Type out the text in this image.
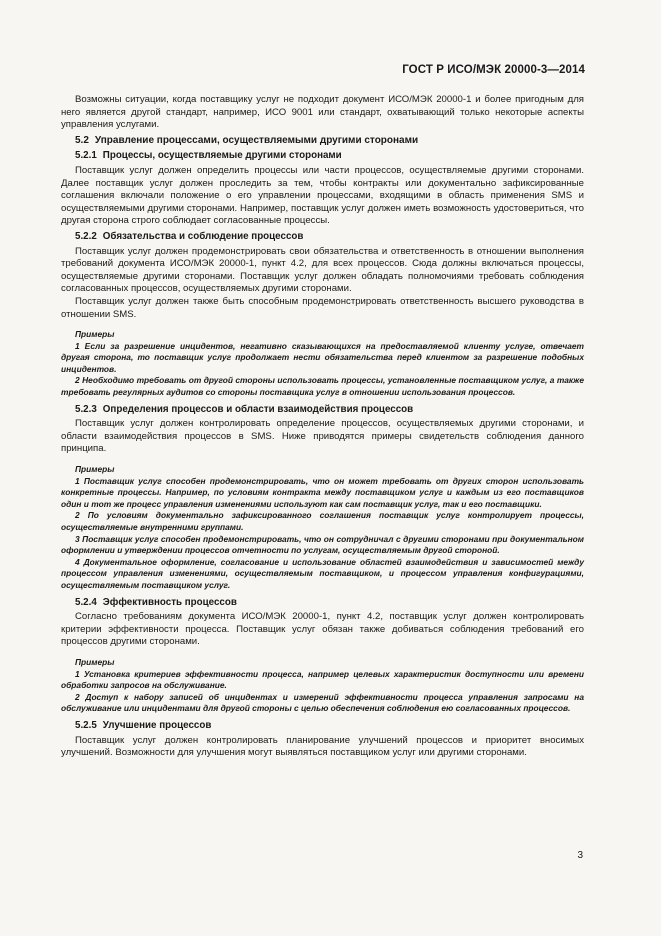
ГОСТ Р ИСО/МЭК 20000-3—2014

Возможны ситуации, когда поставщику услуг не подходит документ ИСО/МЭК 20000-1 и более пригодным для него является другой стандарт, например, ИСО 9001 или стандарт, охватывающий только некоторые аспекты управления услугами.

5.2 Управление процессами, осуществляемыми другими сторонами
5.2.1 Процессы, осуществляемые другими сторонами

Поставщик услуг должен определить процессы или части процессов, осуществляемые другими сторонами. Далее поставщик услуг должен проследить за тем, чтобы контракты или документально зафиксированные соглашения включали положение о его управлении процессами, входящими в область применения SMS и осуществляемыми другими сторонами. Например, поставщик услуг должен иметь возможность удостовериться, что другая сторона строго соблюдает согласованные процессы.

5.2.2 Обязательства и соблюдение процессов

Поставщик услуг должен продемонстрировать свои обязательства и ответственность в отношении выполнения требований документа ИСО/МЭК 20000-1, пункт 4.2, для всех процессов. Сюда должны включаться процессы, осуществляемые другими сторонами. Поставщик услуг должен обладать полномочиями требовать соблюдения согласованных процессов, осуществляемых другими сторонами.

Поставщик услуг должен также быть способным продемонстрировать ответственность высшего руководства в отношении SMS.

Примеры

1 Если за разрешение инцидентов, негативно сказывающихся на предоставляемой клиенту услуге, отвечает другая сторона, то поставщик услуг продолжает нести обязательства перед клиентом за разрешение подобных инцидентов.

2 Необходимо требовать от другой стороны использовать процессы, установленные поставщиком услуг, а также требовать регулярных аудитов со стороны поставщика услуг в отношении использования процессов.

5.2.3 Определения процессов и области взаимодействия процессов

Поставщик услуг должен контролировать определение процессов, осуществляемых другими сторонами, и области взаимодействия процессов в SMS. Ниже приводятся примеры свидетельств соблюдения данного принципа.

Примеры

1 Поставщик услуг способен продемонстрировать, что он может требовать от других сторон использовать конкретные процессы. Например, по условиям контракта между поставщиком услуг и каждым из его поставщиков один и тот же процесс управления изменениями используют как сам поставщик услуг, так и его поставщики.

2 По условиям документально зафиксированного соглашения поставщик услуг контролирует процессы, осуществляемые внутренними группами.

3 Поставщик услуг способен продемонстрировать, что он сотрудничал с другими сторонами при документальном оформлении и утверждении процессов отчетности по услугам, осуществляемым другой стороной.

4 Документальное оформление, согласование и использование областей взаимодействия и зависимостей между процессом управления изменениями, осуществляемым поставщиком, и процессом управления конфигурациями, осуществляемым поставщиком услуг.

5.2.4 Эффективность процессов

Согласно требованиям документа ИСО/МЭК 20000-1, пункт 4.2, поставщик услуг должен контролировать критерии эффективности процесса. Поставщик услуг обязан также добиваться соблюдения требований его процессов другими сторонами.

Примеры

1 Установка критериев эффективности процесса, например целевых характеристик доступности или времени обработки запросов на обслуживание.

2 Доступ к набору записей об инцидентах и измерений эффективности процесса управления запросами на обслуживание или инцидентами для другой стороны с целью обеспечения соблюдения ею согласованных процессов.

5.2.5 Улучшение процессов

Поставщик услуг должен контролировать планирование улучшений процессов и приоритет вносимых улучшений. Возможности для улучшения могут выявляться поставщиком услуг или другими сторонами.

3
